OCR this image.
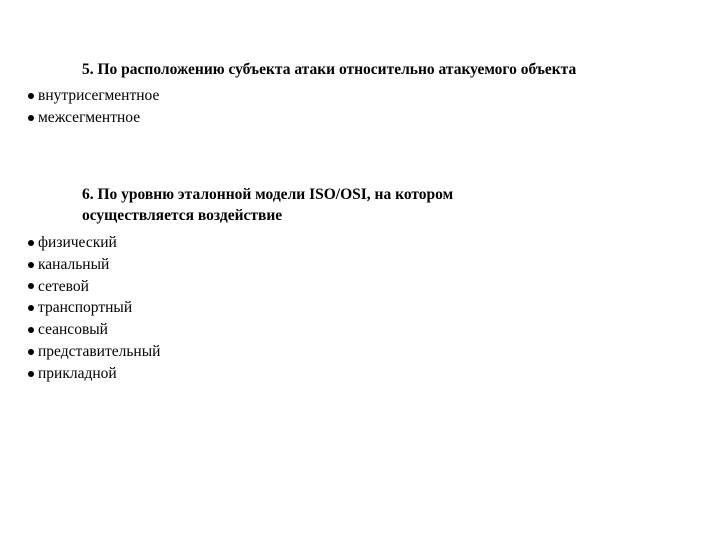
5. По расположению субъекта атаки относительно атакуемого объекта
внутрисегментное
межсегментное
6. По уровню эталонной модели ISO/OSI, на котором
осуществляется воздействие
физический
канальный
сетевой
транспортный
сеансовый
представительный
прикладной
